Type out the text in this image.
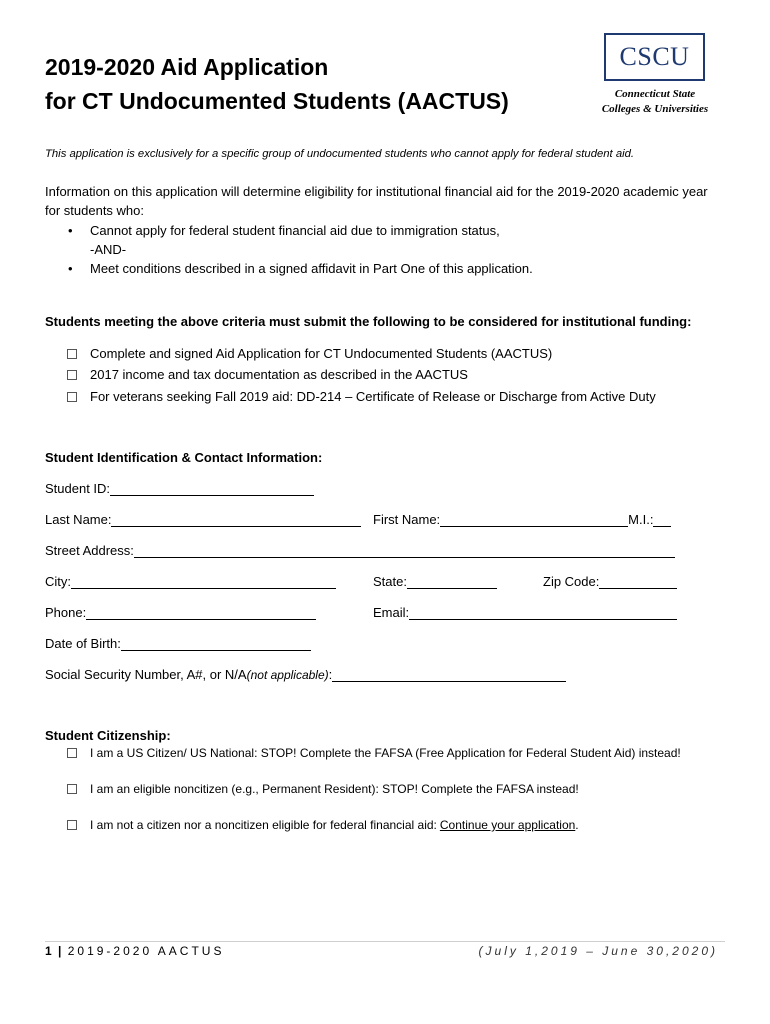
2019-2020 Aid Application
for CT Undocumented Students (AACTUS)
CSCU
Connecticut State
Colleges & Universities
This application is exclusively for a specific group of undocumented students who cannot apply for federal student aid.
Information on this application will determine eligibility for institutional financial aid for the 2019-2020 academic year for students who:
• Cannot apply for federal student financial aid due to immigration status,
-AND-
• Meet conditions described in a signed affidavit in Part One of this application.
Students meeting the above criteria must submit the following to be considered for institutional funding:
Complete and signed Aid Application for CT Undocumented Students (AACTUS)
2017 income and tax documentation as described in the AACTUS
For veterans seeking Fall 2019 aid: DD-214 – Certificate of Release or Discharge from Active Duty
Student Identification & Contact Information:
Student ID:
Last Name:	First Name:	M.I.:
Street Address:
City:	State:	Zip Code:
Phone:	Email:
Date of Birth:
Social Security Number, A#, or N/A (not applicable) :
Student Citizenship:
I am a US Citizen/ US National: STOP! Complete the FAFSA (Free Application for Federal Student Aid) instead!
I am an eligible noncitizen (e.g., Permanent Resident): STOP! Complete the FAFSA instead!
I am not a citizen nor a noncitizen eligible for federal financial aid: Continue your application .
1 | 2019-2020 AACTUS	(July 1,2019 – June 30,2020)
